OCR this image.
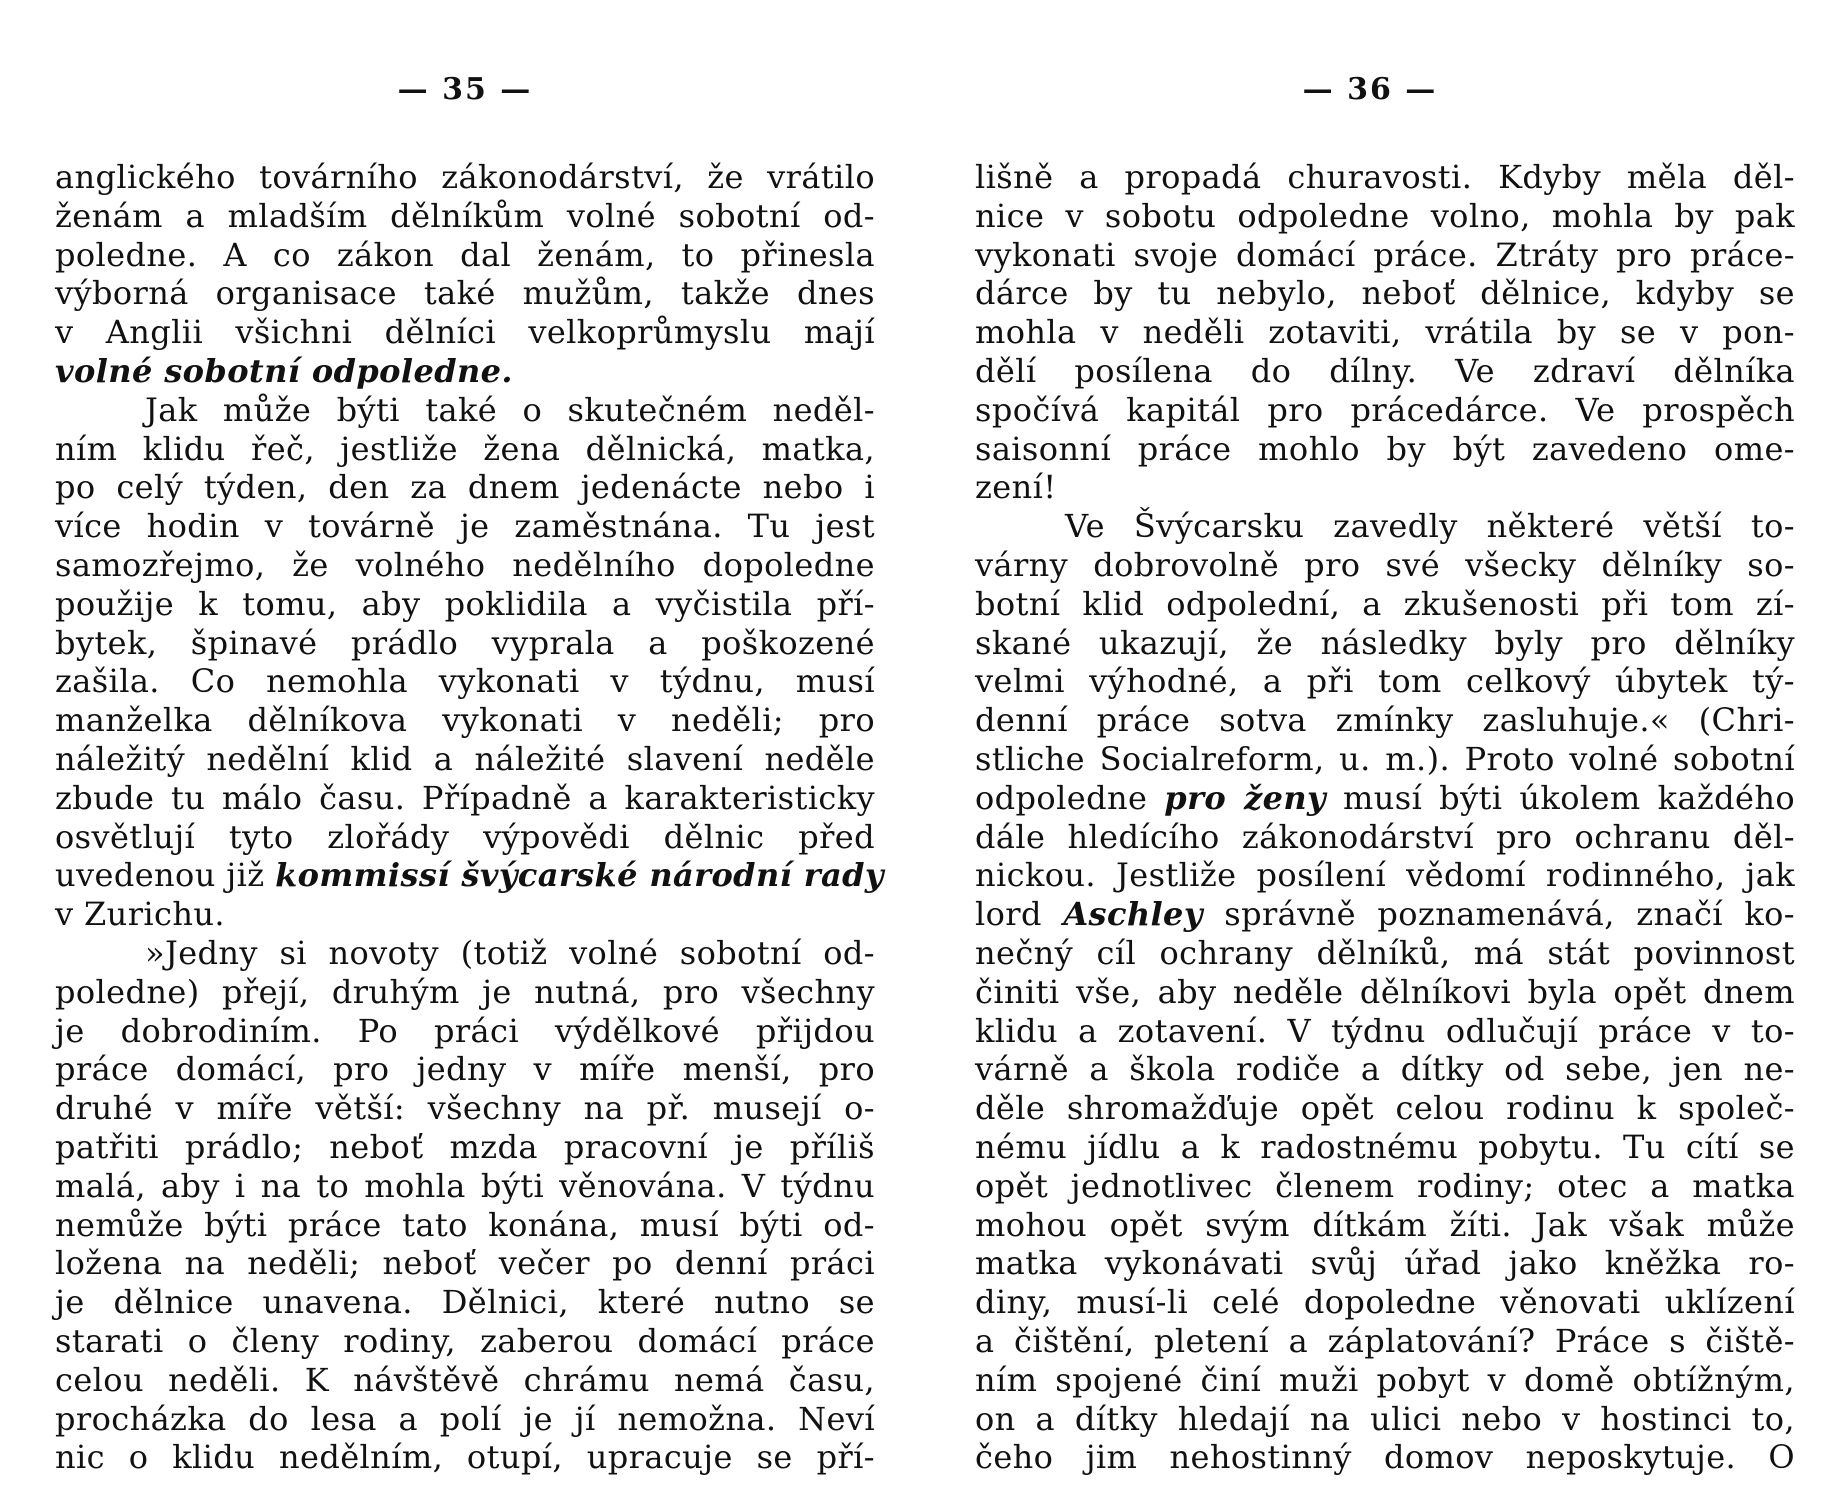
— 35 —
anglického továrního zákonodárství, že vrátilo
ženám a mladším dělníkům volné sobotní od-
poledne. A co zákon dal ženám, to přinesla
výborná organisace také mužům, takže dnes
v Anglii všichni dělníci velkoprůmyslu mají
volné sobotní odpoledne.
Jak může býti také o skutečném neděl-
ním klidu řeč, jestliže žena dělnická, matka,
po celý týden, den za dnem jedenácte nebo i
více hodin v továrně je zaměstnána. Tu jest
samozřejmo, že volného nedělního dopoledne
použije k tomu, aby poklidila a vyčistila pří-
bytek, špinavé prádlo vyprala a poškozené
zašila. Co nemohla vykonati v týdnu, musí
manželka dělníkova vykonati v neděli; pro
náležitý nedělní klid a náležité slavení neděle
zbude tu málo času. Případně a karakteristicky
osvětlují tyto zlořády výpovědi dělnic před
uvedenou již kommissí švýcarské národní rady
v Zurichu.
»Jedny si novoty (totiž volné sobotní od-
poledne) přejí, druhým je nutná, pro všechny
je dobrodiním. Po práci výdělkové přijdou
práce domácí, pro jedny v míře menší, pro
druhé v míře větší: všechny na př. musejí o-
patřiti prádlo; neboť mzda pracovní je příliš
malá, aby i na to mohla býti věnována. V týdnu
nemůže býti práce tato konána, musí býti od-
ložena na neděli; neboť večer po denní práci
je dělnice unavena. Dělnici, které nutno se
starati o členy rodiny, zaberou domácí práce
celou neděli. K návštěvě chrámu nemá času,
procházka do lesa a polí je jí nemožna. Neví
nic o klidu nedělním, otupí, upracuje se pří-
— 36 —
lišně a propadá churavosti. Kdyby měla děl-
nice v sobotu odpoledne volno, mohla by pak
vykonati svoje domácí práce. Ztráty pro práce-
dárce by tu nebylo, neboť dělnice, kdyby se
mohla v neděli zotaviti, vrátila by se v pon-
dělí posílena do dílny. Ve zdraví dělníka
spočívá kapitál pro prácedárce. Ve prospěch
saisonní práce mohlo by být zavedeno ome-
zení!
Ve Švýcarsku zavedly některé větší to-
várny dobrovolně pro své všecky dělníky so-
botní klid odpolední, a zkušenosti při tom zí-
skané ukazují, že následky byly pro dělníky
velmi výhodné, a při tom celkový úbytek tý-
denní práce sotva zmínky zasluhuje.« (Chri-
stliche Socialreform, u. m.). Proto volné sobotní
odpoledne pro ženy musí býti úkolem každého
dále hledícího zákonodárství pro ochranu děl-
nickou. Jestliže posílení vědomí rodinného, jak
lord Aschley správně poznamenává, značí ko-
nečný cíl ochrany dělníků, má stát povinnost
činiti vše, aby neděle dělníkovi byla opět dnem
klidu a zotavení. V týdnu odlučují práce v to-
várně a škola rodiče a dítky od sebe, jen ne-
děle shromažďuje opět celou rodinu k společ-
nému jídlu a k radostnému pobytu. Tu cítí se
opět jednotlivec členem rodiny; otec a matka
mohou opět svým dítkám žíti. Jak však může
matka vykonávati svůj úřad jako kněžka ro-
diny, musí-li celé dopoledne věnovati uklízení
a čištění, pletení a záplatování? Práce s čiště-
ním spojené činí muži pobyt v domě obtížným,
on a dítky hledají na ulici nebo v hostinci to,
čeho jim nehostinný domov neposkytuje. O
